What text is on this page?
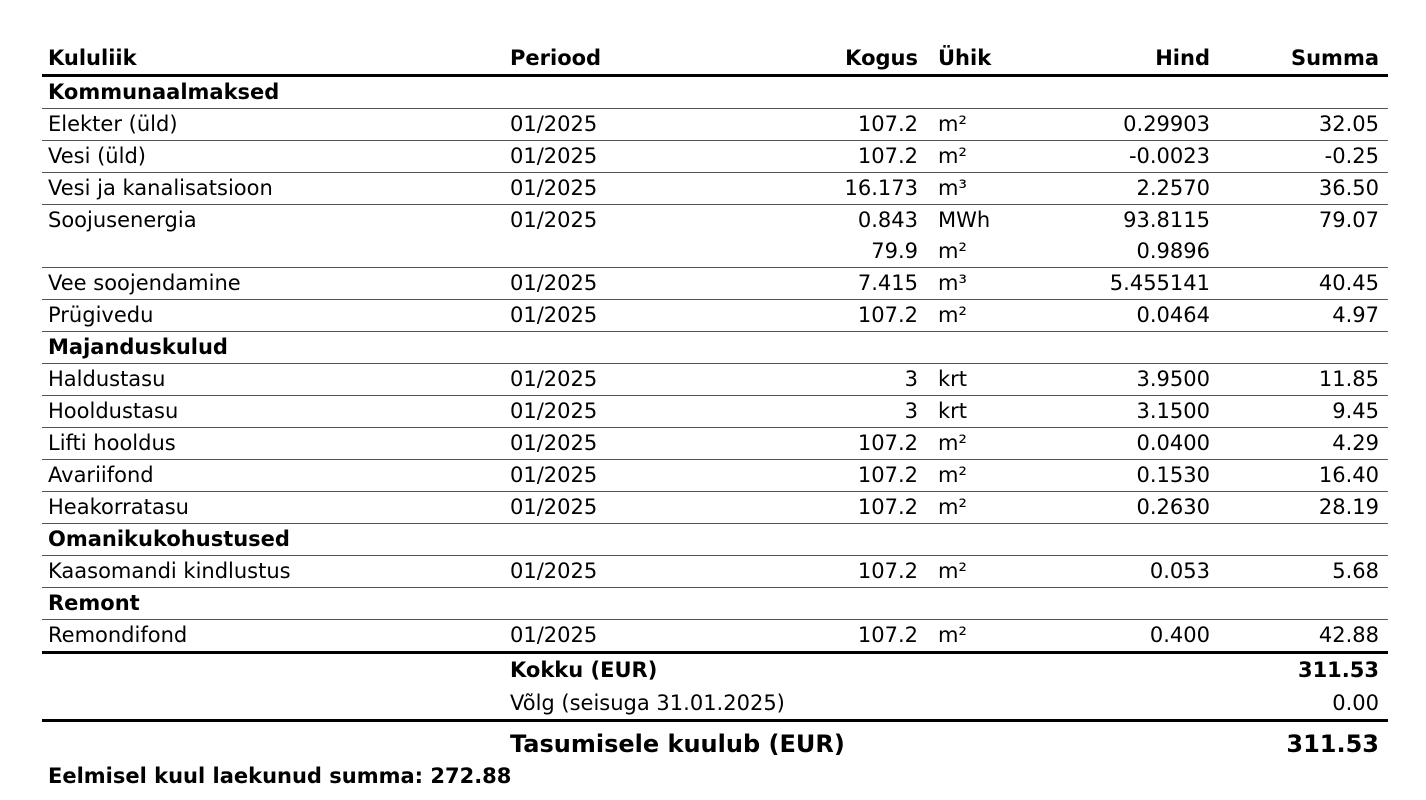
Kululiik	Periood	Kogus	Ühik	Hind	Summa
Kommunaalmaksed					
Elekter (üld)	01/2025	107.2	m²	0.29903	32.05
Vesi (üld)	01/2025	107.2	m²	-0.0023	-0.25
Vesi ja kanalisatsioon	01/2025	16.173	m³	2.2570	36.50
Soojusenergia	01/2025	0.843	MWh	93.8115	79.07
		79.9	m²	0.9896	
Vee soojendamine	01/2025	7.415	m³	5.455141	40.45
Prügivedu	01/2025	107.2	m²	0.0464	4.97
Majanduskulud					
Haldustasu	01/2025	3	krt	3.9500	11.85
Hooldustasu	01/2025	3	krt	3.1500	9.45
Lifti hooldus	01/2025	107.2	m²	0.0400	4.29
Avariifond	01/2025	107.2	m²	0.1530	16.40
Heakorratasu	01/2025	107.2	m²	0.2630	28.19
Omanikukohustused					
Kaasomandi kindlustus	01/2025	107.2	m²	0.053	5.68
Remont					
Remondifond	01/2025	107.2	m²	0.400	42.88
	Kokku (EUR)				311.53
	Võlg (seisuga 31.01.2025)				0.00
	Tasumisele kuulub (EUR)				311.53
Eelmisel kuul laekunud summa: 272.88
